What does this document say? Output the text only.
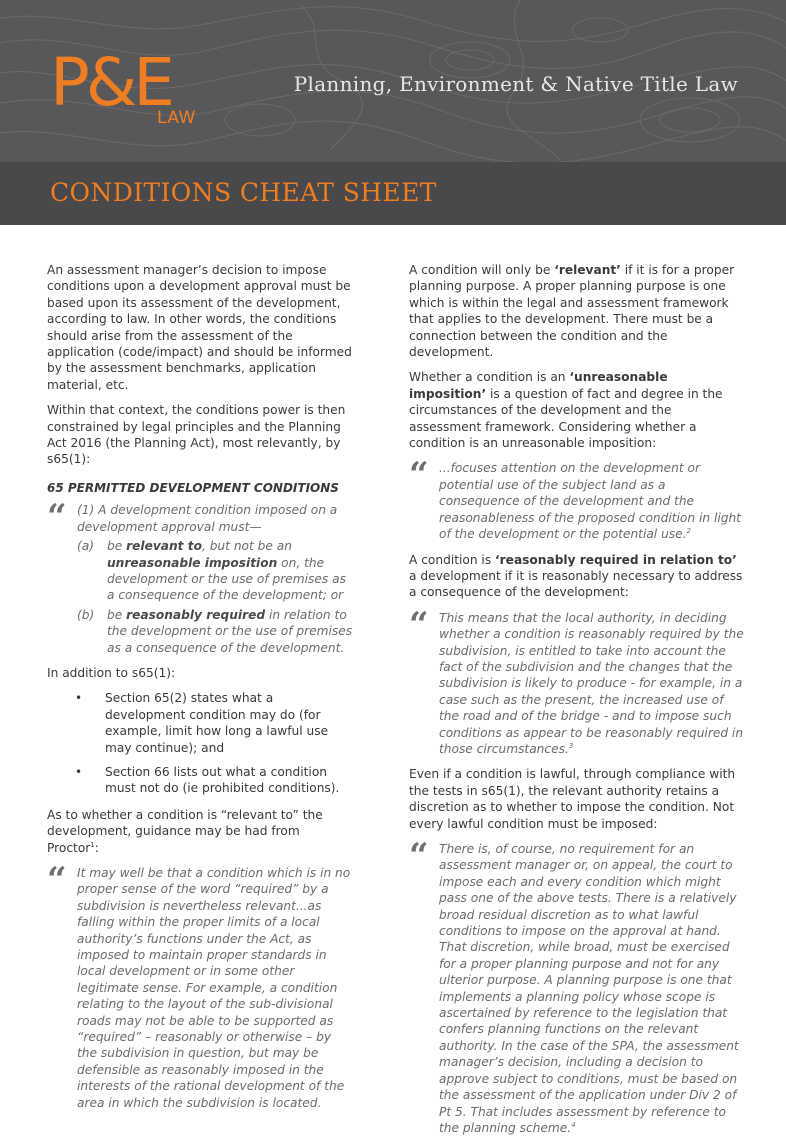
P&E
LAW
Planning, Environment & Native Title Law
CONDITIONS CHEAT SHEET

An assessment manager’s decision to impose conditions upon a development approval must be based upon its assessment of the development, according to law. In other words, the conditions should arise from the assessment of the application (code/impact) and should be informed by the assessment benchmarks, application material, etc.

Within that context, the conditions power is then constrained by legal principles and the Planning Act 2016 (the Planning Act), most relevantly, by s65(1):

65 PERMITTED DEVELOPMENT CONDITIONS
“ (1) A development condition imposed on a development approval must—
(a)	be relevant to, but not be an unreasonable imposition on, the development or the use of premises as a consequence of the development; or
(b)	be reasonably required in relation to the development or the use of premises as a consequence of the development.

In addition to s65(1):

• Section 65(2) states what a development condition may do (for example, limit how long a lawful use may continue); and
• Section 66 lists out what a condition must not do (ie prohibited conditions).

As to whether a condition is “relevant to” the development, guidance may be had from Proctor$^1$:

“ It may well be that a condition which is in no proper sense of the word “required” by a subdivision is nevertheless relevant...as falling within the proper limits of a local authority’s functions under the Act, as imposed to maintain proper standards in local development or in some other legitimate sense. For example, a condition relating to the layout of the sub-divisional roads may not be able to be supported as “required” – reasonably or otherwise – by the subdivision in question, but may be defensible as reasonably imposed in the interests of the rational development of the area in which the subdivision is located.

A condition will only be ‘relevant’ if it is for a proper planning purpose. A proper planning purpose is one which is within the legal and assessment framework that applies to the development. There must be a connection between the condition and the development.

Whether a condition is an ‘unreasonable imposition’ is a question of fact and degree in the circumstances of the development and the assessment framework. Considering whether a condition is an unreasonable imposition:

“ ...focuses attention on the development or potential use of the subject land as a consequence of the development and the reasonableness of the proposed condition in light of the development or the potential use.$^2$

A condition is ‘reasonably required in relation to’ a development if it is reasonably necessary to address a consequence of the development:

“ This means that the local authority, in deciding whether a condition is reasonably required by the subdivision, is entitled to take into account the fact of the subdivision and the changes that the subdivision is likely to produce - for example, in a case such as the present, the increased use of the road and of the bridge - and to impose such conditions as appear to be reasonably required in those circumstances.$^3$

Even if a condition is lawful, through compliance with the tests in s65(1), the relevant authority retains a discretion as to whether to impose the condition. Not every lawful condition must be imposed:

“ There is, of course, no requirement for an assessment manager or, on appeal, the court to impose each and every condition which might pass one of the above tests. There is a relatively broad residual discretion as to what lawful conditions to impose on the approval at hand. That discretion, while broad, must be exercised for a proper planning purpose and not for any ulterior purpose. A planning purpose is one that implements a planning policy whose scope is ascertained by reference to the legislation that confers planning functions on the relevant authority. In the case of the SPA, the assessment manager’s decision, including a decision to approve subject to conditions, must be based on the assessment of the application under Div 2 of Pt 5. That includes assessment by reference to the planning scheme.$^4$
